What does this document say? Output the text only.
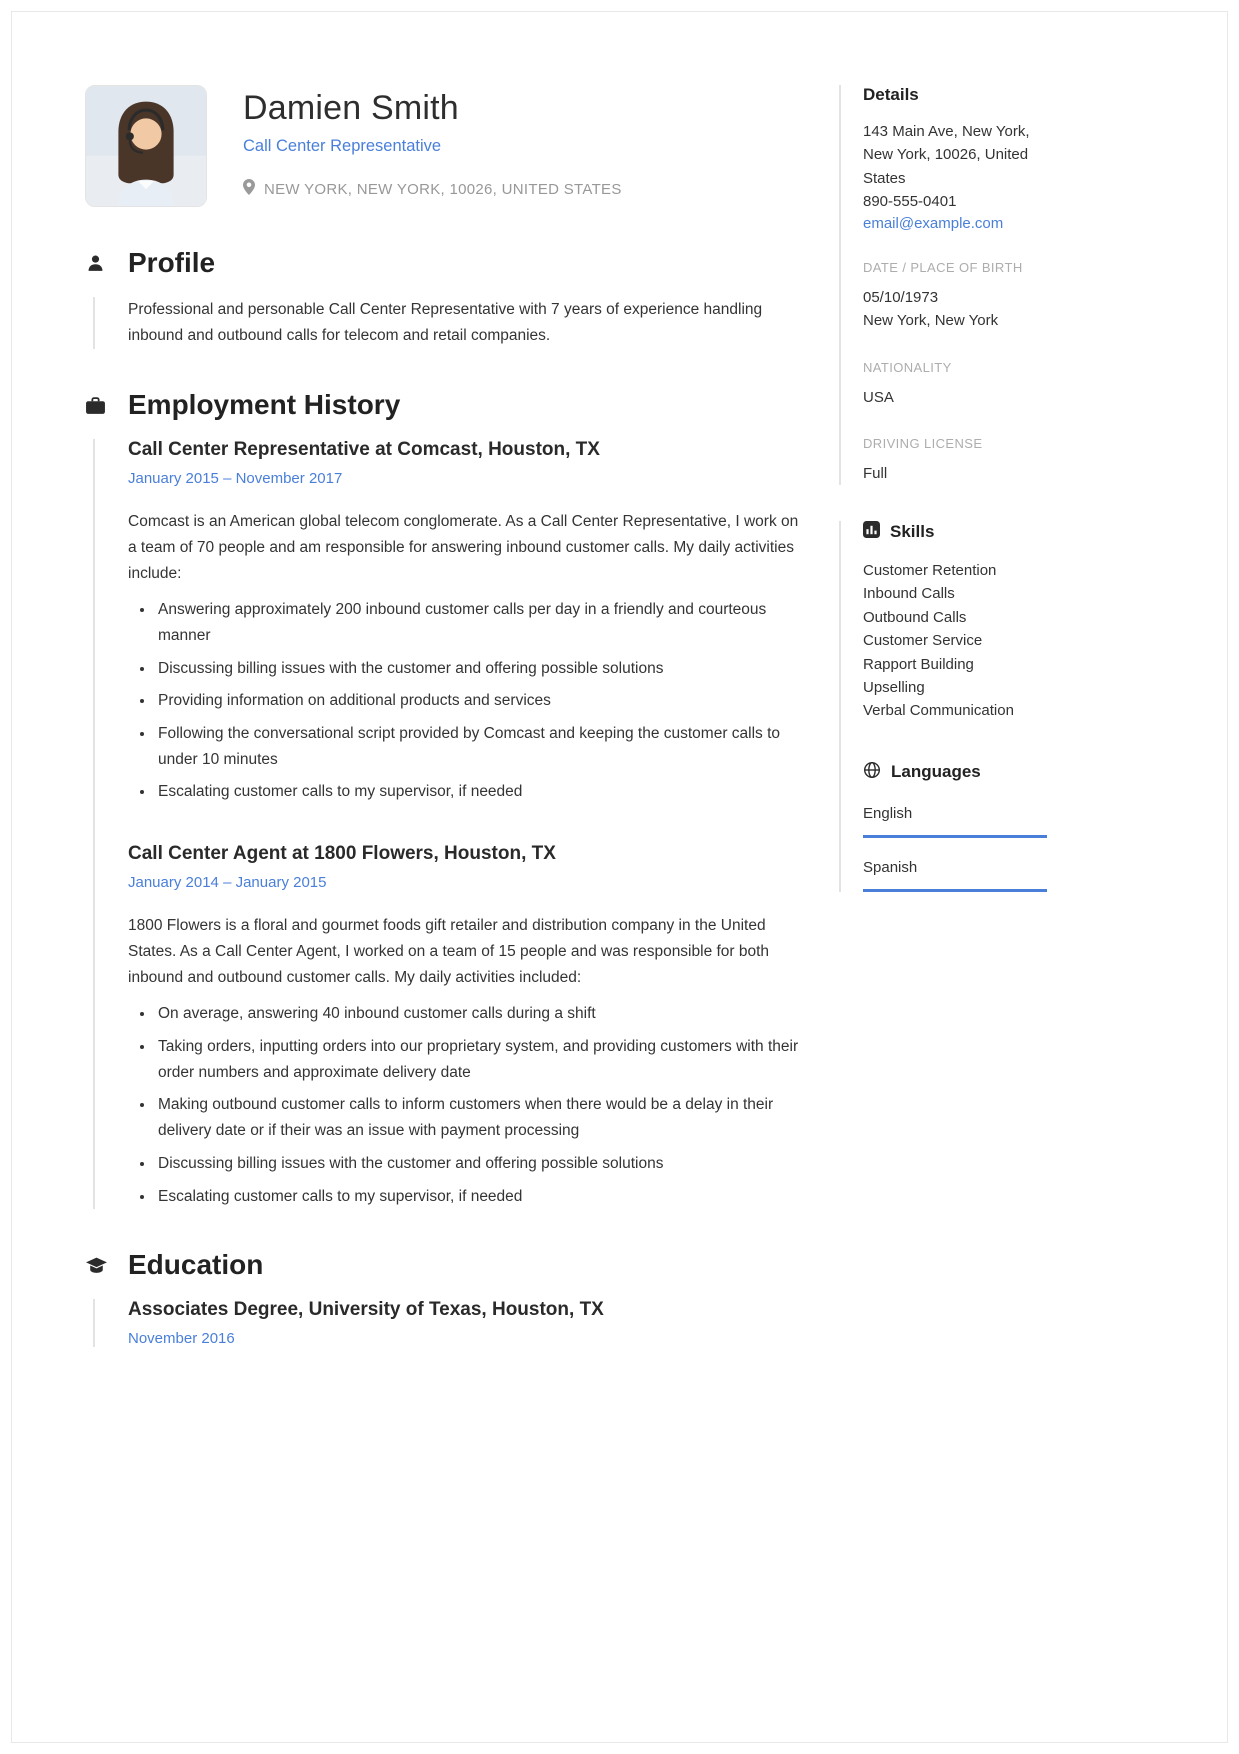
Damien Smith
Call Center Representative
NEW YORK, NEW YORK, 10026, UNITED STATES
Profile

Professional and personable Call Center Representative with 7 years of experience handling inbound and outbound calls for telecom and retail companies.

Employment History
Call Center Representative at Comcast, Houston, TX
January 2015 – November 2017

Comcast is an American global telecom conglomerate. As a Call Center Representative, I work on a team of 70 people and am responsible for answering inbound customer calls. My daily activities include:

• Answering approximately 200 inbound customer calls per day in a friendly and courteous manner
• Discussing billing issues with the customer and offering possible solutions
• Providing information on additional products and services
• Following the conversational script provided by Comcast and keeping the customer calls to under 10 minutes
• Escalating customer calls to my supervisor, if needed
Call Center Agent at 1800 Flowers, Houston, TX
January 2014 – January 2015

1800 Flowers is a floral and gourmet foods gift retailer and distribution company in the United States. As a Call Center Agent, I worked on a team of 15 people and was responsible for both inbound and outbound customer calls. My daily activities included:

• On average, answering 40 inbound customer calls during a shift
• Taking orders, inputting orders into our proprietary system, and providing customers with their order numbers and approximate delivery date
• Making outbound customer calls to inform customers when there would be a delay in their delivery date or if their was an issue with payment processing
• Discussing billing issues with the customer and offering possible solutions
• Escalating customer calls to my supervisor, if needed
Education
Associates Degree, University of Texas, Houston, TX
November 2016
Details

143 Main Ave, New York, New York, 10026, United States

890-555-0401
email@example.com
DATE / PLACE OF BIRTH
05/10/1973
New York, New York
NATIONALITY
USA
DRIVING LICENSE
Full
Skills
Customer Retention
Inbound Calls
Outbound Calls
Customer Service
Rapport Building
Upselling
Verbal Communication
Languages
English
Spanish
